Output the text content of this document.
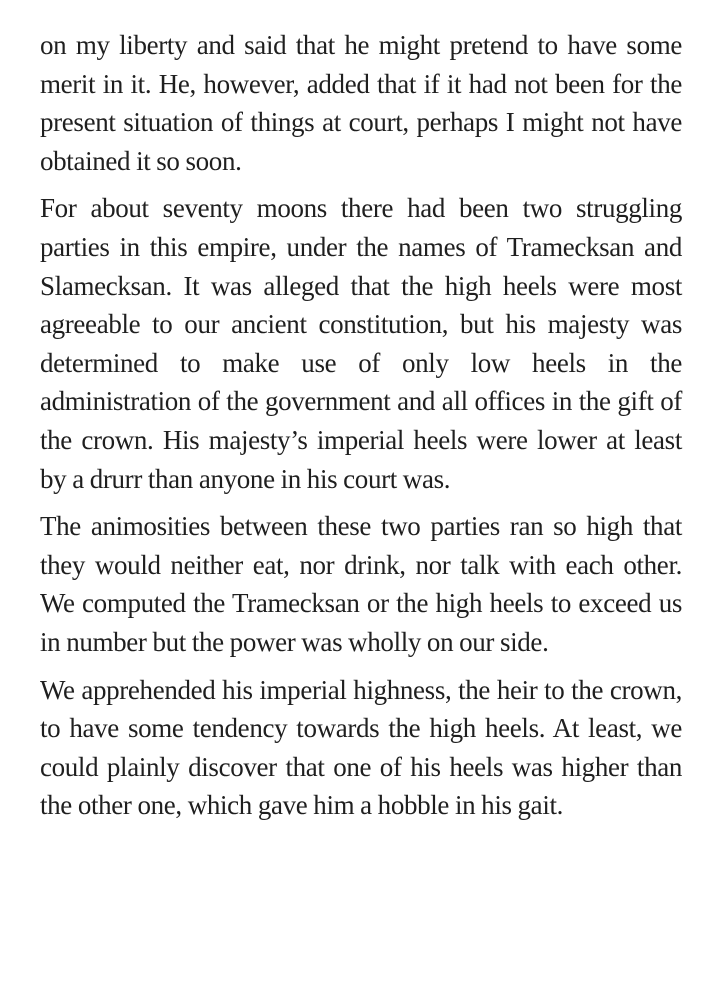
on my liberty and said that he might pretend to have some merit in it. He, however, added that if it had not been for the present situation of things at court, perhaps I might not have obtained it so soon.

For about seventy moons there had been two struggling parties in this empire, under the names of Tramecksan and Slamecksan. It was alleged that the high heels were most agreeable to our ancient constitution, but his majesty was determined to make use of only low heels in the administration of the government and all offices in the gift of the crown. His majesty’s imperial heels were lower at least by a drurr than anyone in his court was.

The animosities between these two parties ran so high that they would neither eat, nor drink, nor talk with each other. We computed the Tramecksan or the high heels to exceed us in number but the power was wholly on our side.

We apprehended his imperial highness, the heir to the crown, to have some tendency towards the high heels. At least, we could plainly discover that one of his heels was higher than the other one, which gave him a hobble in his gait.
